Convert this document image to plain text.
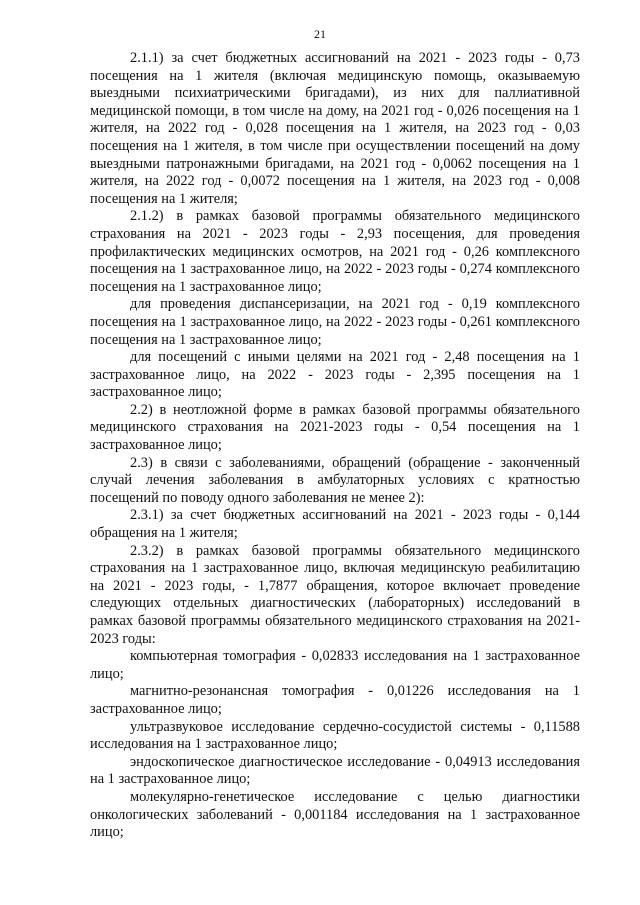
21

2.1.1) за счет бюджетных ассигнований на 2021 - 2023 годы - 0,73 посещения на 1 жителя (включая медицинскую помощь, оказываемую выездными психиатрическими бригадами), из них для паллиативной медицинской помощи, в том числе на дому, на 2021 год - 0,026 посещения на 1 жителя, на 2022 год - 0,028 посещения на 1 жителя, на 2023 год - 0,03 посещения на 1 жителя, в том числе при осуществлении посещений на дому выездными патронажными бригадами, на 2021 год - 0,0062 посещения на 1 жителя, на 2022 год - 0,0072 посещения на 1 жителя, на 2023 год - 0,008 посещения на 1 жителя;

2.1.2) в рамках базовой программы обязательного медицинского страхования на 2021 - 2023 годы - 2,93 посещения, для проведения профилактических медицинских осмотров, на 2021 год - 0,26 комплексного посещения на 1 застрахованное лицо, на 2022 - 2023 годы - 0,274 комплексного посещения на 1 застрахованное лицо;

для проведения диспансеризации, на 2021 год - 0,19 комплексного посещения на 1 застрахованное лицо, на 2022 - 2023 годы - 0,261 комплексного посещения на 1 застрахованное лицо;

для посещений с иными целями на 2021 год - 2,48 посещения на 1 застрахованное лицо, на 2022 - 2023 годы - 2,395 посещения на 1 застрахованное лицо;

2.2) в неотложной форме в рамках базовой программы обязательного медицинского страхования на 2021-2023 годы - 0,54 посещения на 1 застрахованное лицо;

2.3) в связи с заболеваниями, обращений (обращение - законченный случай лечения заболевания в амбулаторных условиях с кратностью посещений по поводу одного заболевания не менее 2):

2.3.1) за счет бюджетных ассигнований на 2021 - 2023 годы - 0,144 обращения на 1 жителя;

2.3.2) в рамках базовой программы обязательного медицинского страхования на 1 застрахованное лицо, включая медицинскую реабилитацию на 2021 - 2023 годы, - 1,7877 обращения, которое включает проведение следующих отдельных диагностических (лабораторных) исследований в рамках базовой программы обязательного медицинского страхования на 2021-2023 годы:

компьютерная томография - 0,02833 исследования на 1 застрахованное лицо;

магнитно-резонансная томография - 0,01226 исследования на 1 застрахованное лицо;

ультразвуковое исследование сердечно-сосудистой системы - 0,11588 исследования на 1 застрахованное лицо;

эндоскопическое диагностическое исследование - 0,04913 исследования на 1 застрахованное лицо;

молекулярно-генетическое исследование с целью диагностики онкологических заболеваний - 0,001184 исследования на 1 застрахованное лицо;
